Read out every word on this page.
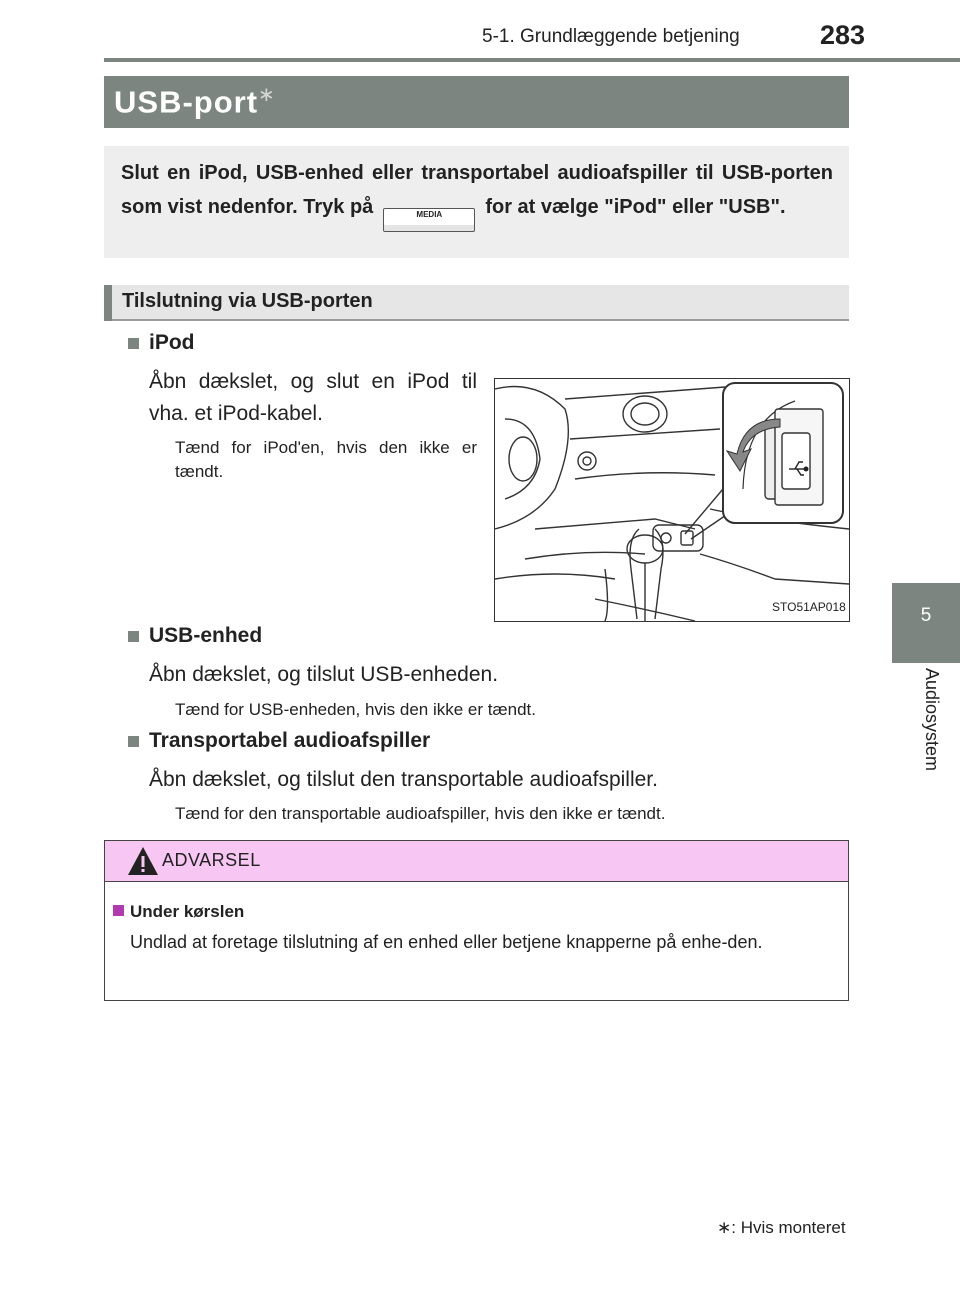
5-1. Grundlæggende betjening	283
5
Audiosystem
USB-port∗
Slut en iPod, USB-enhed eller transportabel audioafspiller til USB-porten som vist nedenfor. Tryk på	MEDIA for at vælge "iPod" eller "USB".
Tilslutning via USB-porten
iPod
Åbn dækslet, og slut en iPod til vha. et iPod-kabel.
Tænd for iPod'en, hvis den ikke er tændt.
STO51AP018
USB-enhed
Åbn dækslet, og tilslut USB-enheden.
Tænd for USB-enheden, hvis den ikke er tændt.
Transportabel audioafspiller
Åbn dækslet, og tilslut den transportable audioafspiller.
Tænd for den transportable audioafspiller, hvis den ikke er tændt.
ADVARSEL
Under kørslen
Undlad at foretage tilslutning af en enhed eller betjene knapperne på enhe-den.
∗: Hvis monteret
